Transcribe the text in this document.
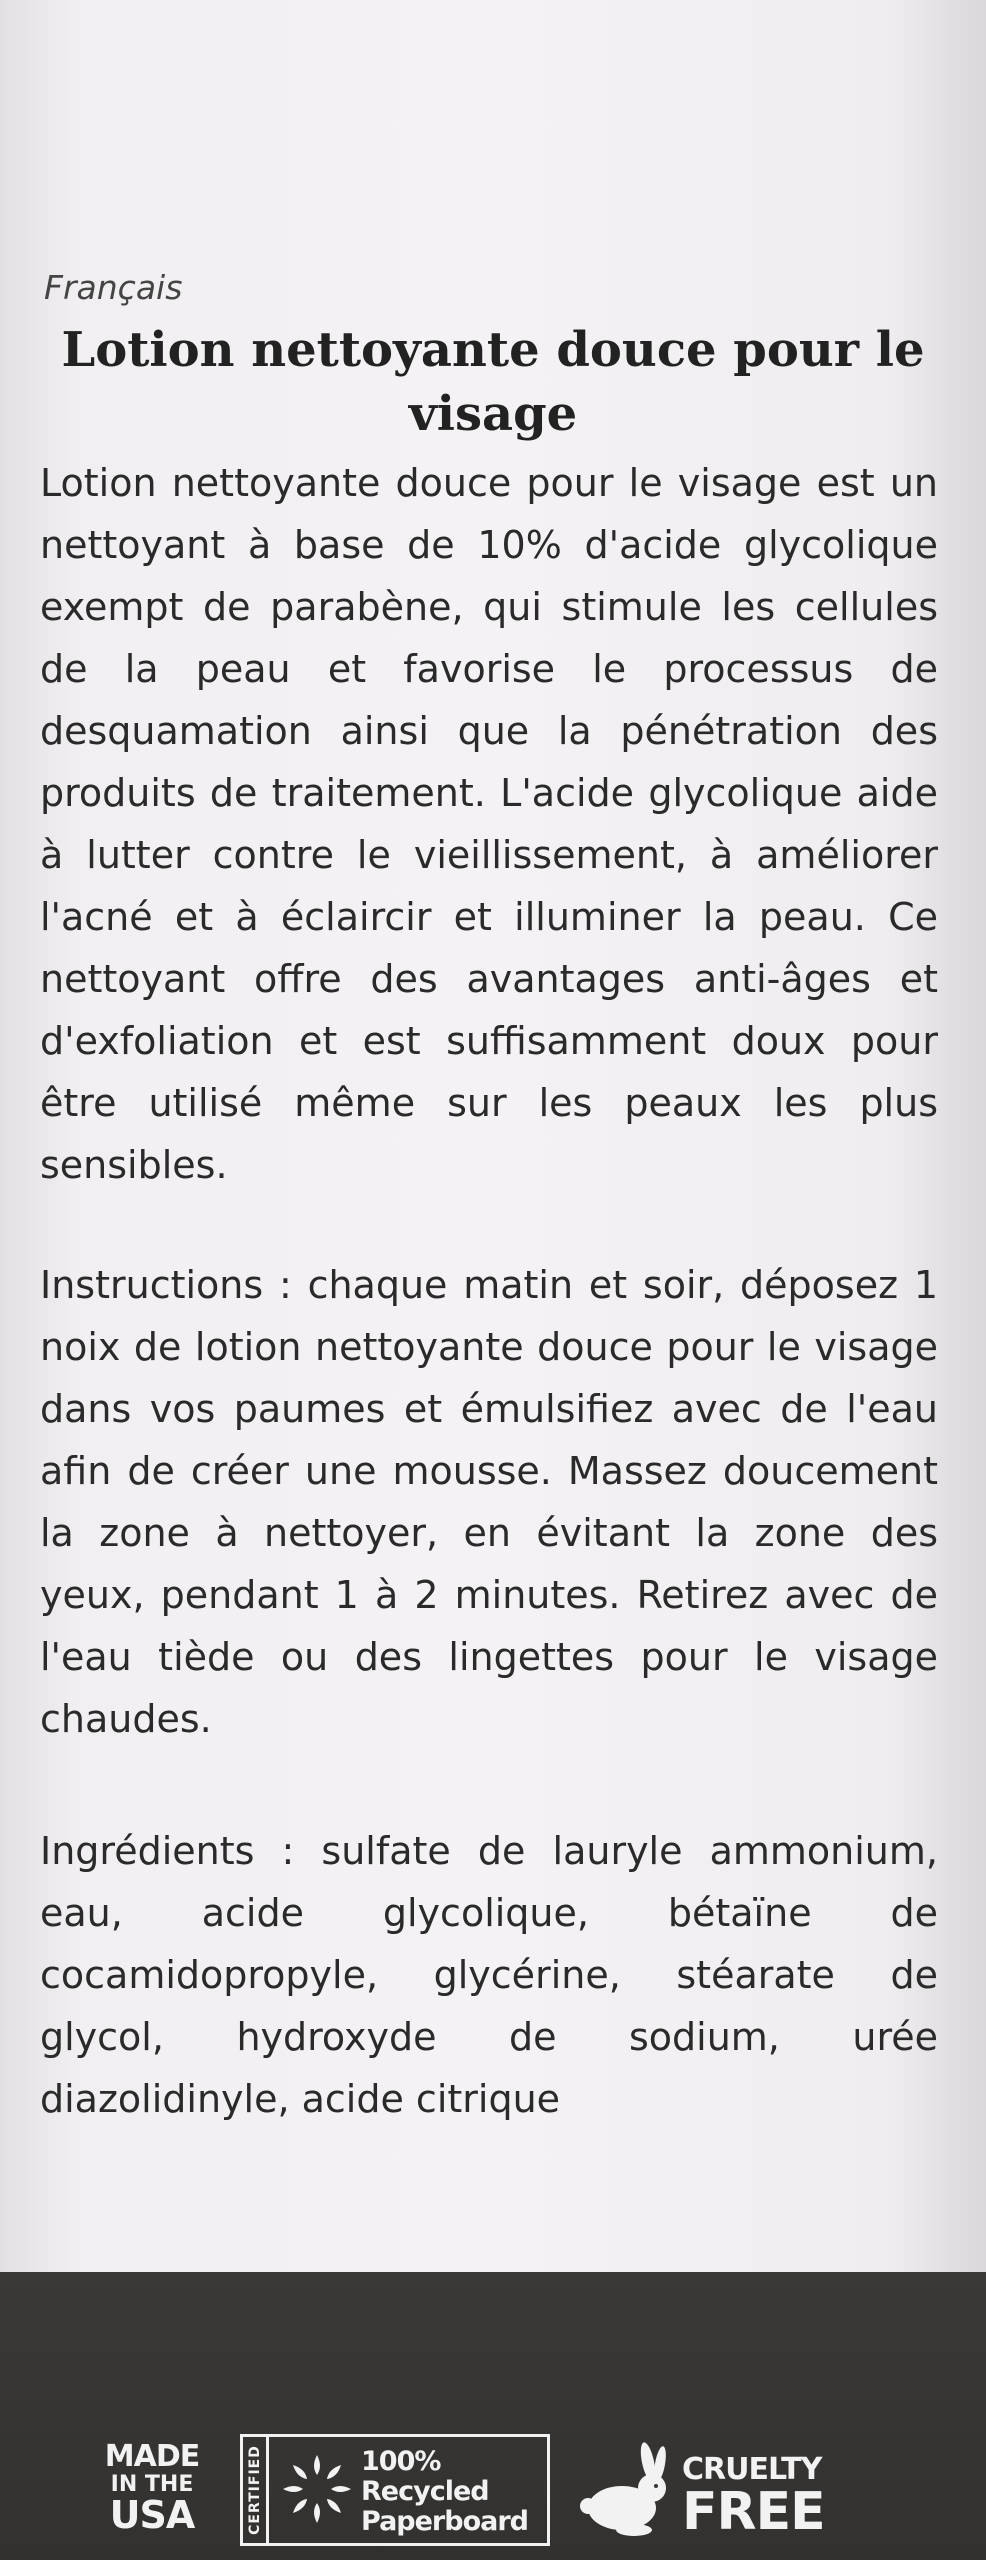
Français
Lotion nettoyante douce pour le visage

Lotion nettoyante douce pour le visage est un nettoyant à base de 10% d'acide glycolique exempt de parabène, qui stimule les cellules de la peau et favorise le processus de desquamation ainsi que la pénétration des produits de traitement. L'acide glycolique aide à lutter contre le vieillissement, à améliorer l'acné et à éclaircir et illuminer la peau. Ce nettoyant offre des avantages anti-âges et d'exfoliation et est suffisamment doux pour être utilisé même sur les peaux les plus sensibles.

Instructions : chaque matin et soir, déposez 1 noix de lotion nettoyante douce pour le visage dans vos paumes et émulsifiez avec de l'eau afin de créer une mousse. Massez doucement la zone à nettoyer, en évitant la zone des yeux, pendant 1 à 2 minutes. Retirez avec de l'eau tiède ou des lingettes pour le visage chaudes.

Ingrédients : sulfate de lauryle ammonium, eau, acide glycolique, bétaïne de cocamidopropyle, glycérine, stéarate de glycol, hydroxyde de sodium, urée diazolidinyle, acide citrique

MADE
IN THE
USA	CERTIFIED	100%
Recycled
Paperboard
CRUELTY
FREE
